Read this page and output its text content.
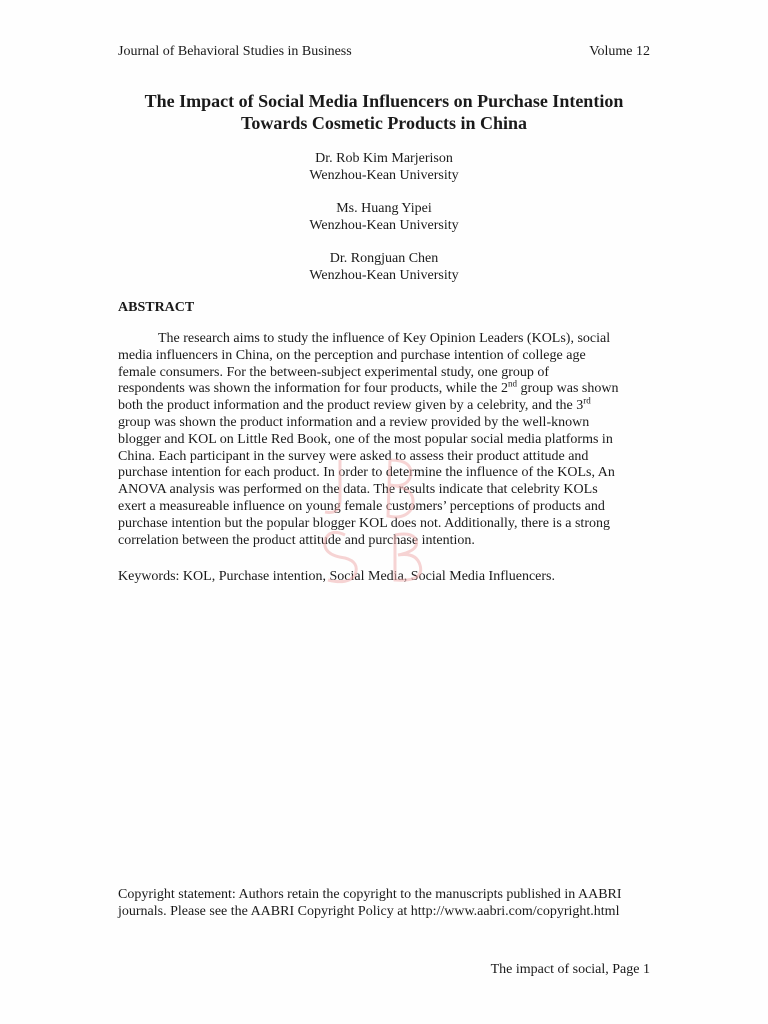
Journal of Behavioral Studies in Business	Volume 12
The Impact of Social Media Influencers on Purchase Intention
Towards Cosmetic Products in China
Dr. Rob Kim Marjerison
Wenzhou-Kean University
Ms. Huang Yipei
Wenzhou-Kean University
Dr. Rongjuan Chen
Wenzhou-Kean University
ABSTRACT
The research aims to study the influence of Key Opinion Leaders (KOLs), social
media influencers in China, on the perception and purchase intention of college age
female consumers. For the between-subject experimental study, one group of
respondents was shown the information for four products, while the 2nd group was shown
both the product information and the product review given by a celebrity, and the 3rd
group was shown the product information and a review provided by the well-known
blogger and KOL on Little Red Book, one of the most popular social media platforms in
China. Each participant in the survey were asked to assess their product attitude and
purchase intention for each product. In order to determine the influence of the KOLs, An
ANOVA analysis was performed on the data. The results indicate that celebrity KOLs
exert a measureable influence on young female customers’ perceptions of products and
purchase intention but the popular blogger KOL does not. Additionally, there is a strong
correlation between the product attitude and purchase intention.
Keywords: KOL, Purchase intention, Social Media, Social Media Influencers.
Copyright statement: Authors retain the copyright to the manuscripts published in AABRI
journals. Please see the AABRI Copyright Policy at http://www.aabri.com/copyright.html
The impact of social, Page 1
